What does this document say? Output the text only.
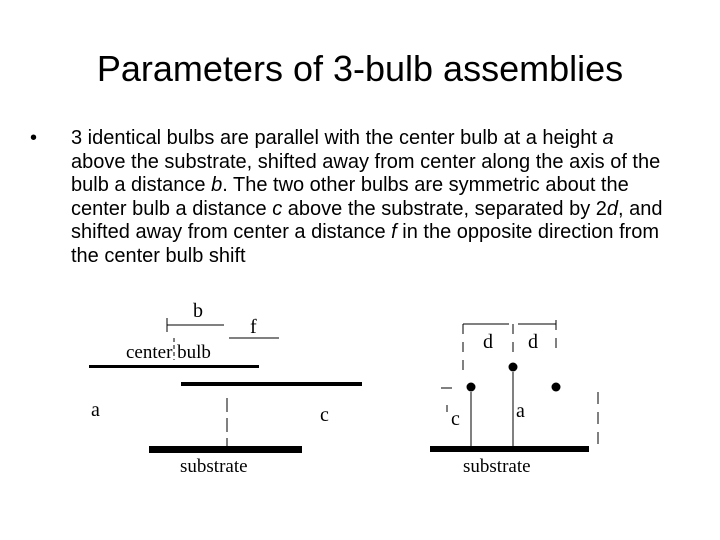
Parameters of 3-bulb assemblies
• 3 identical bulbs are parallel with the center bulb at a height a above the substrate, shifted away from center along the axis of the bulb a distance b. The two other bulbs are symmetric about the center bulb a distance c above the substrate, separated by 2d, and shifted away from center a distance f in the opposite direction from the center bulb shift
b
f
center bulb
a	c
substrate
d d
c	a
substrate
